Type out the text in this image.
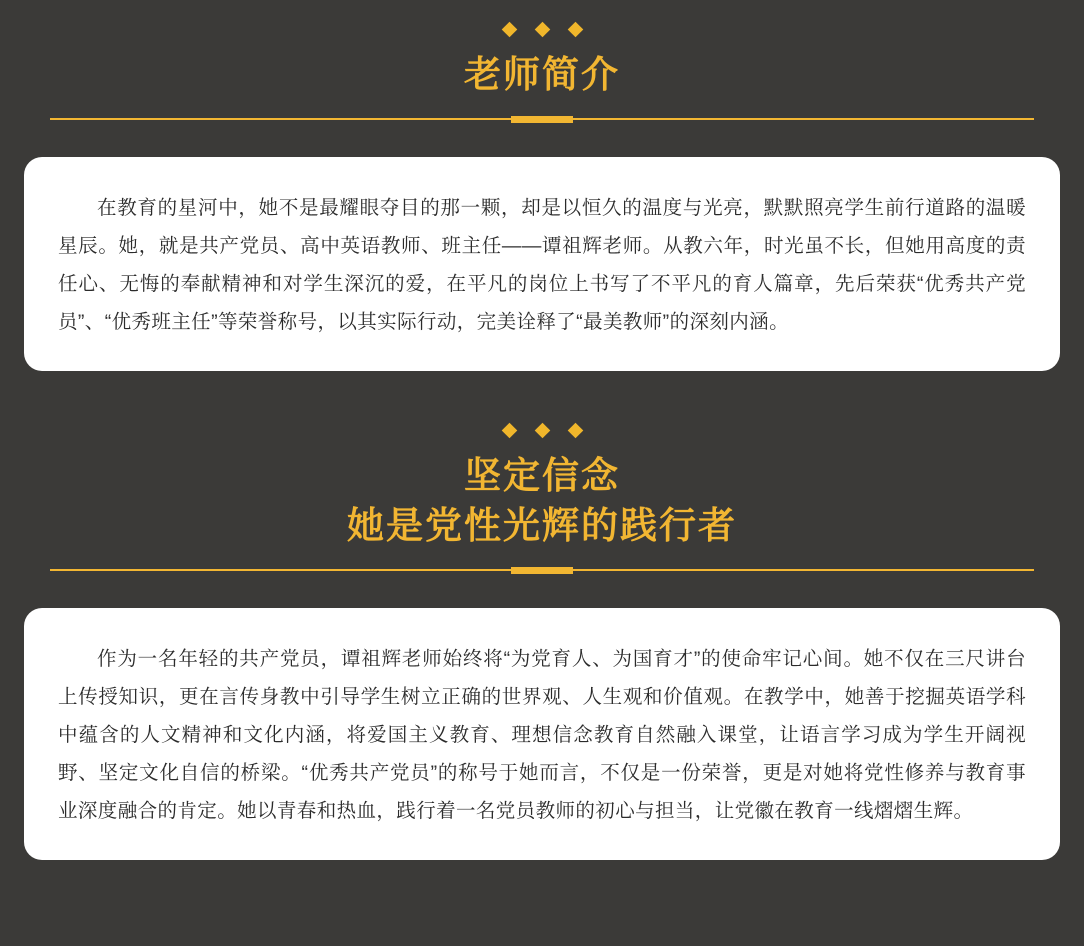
老师简介

在教育的星河中，她不是最耀眼夺目的那一颗，却是以恒久的温度与光亮，默默照亮学生前行道路的温暖星辰。她，就是共产党员、高中英语教师、班主任——谭祖辉老师。从教六年，时光虽不长，但她用高度的责任心、无悔的奉献精神和对学生深沉的爱，在平凡的岗位上书写了不平凡的育人篇章，先后荣获“优秀共产党员”、“优秀班主任”等荣誉称号，以其实际行动，完美诠释了“最美教师”的深刻内涵。

坚定信念
她是党性光辉的践行者

作为一名年轻的共产党员，谭祖辉老师始终将“为党育人、为国育才”的使命牢记心间。她不仅在三尺讲台上传授知识，更在言传身教中引导学生树立正确的世界观、人生观和价值观。在教学中，她善于挖掘英语学科中蕴含的人文精神和文化内涵，将爱国主义教育、理想信念教育自然融入课堂，让语言学习成为学生开阔视野、坚定文化自信的桥梁。“优秀共产党员”的称号于她而言，不仅是一份荣誉，更是对她将党性修养与教育事业深度融合的肯定。她以青春和热血，践行着一名党员教师的初心与担当，让党徽在教育一线熠熠生辉。
